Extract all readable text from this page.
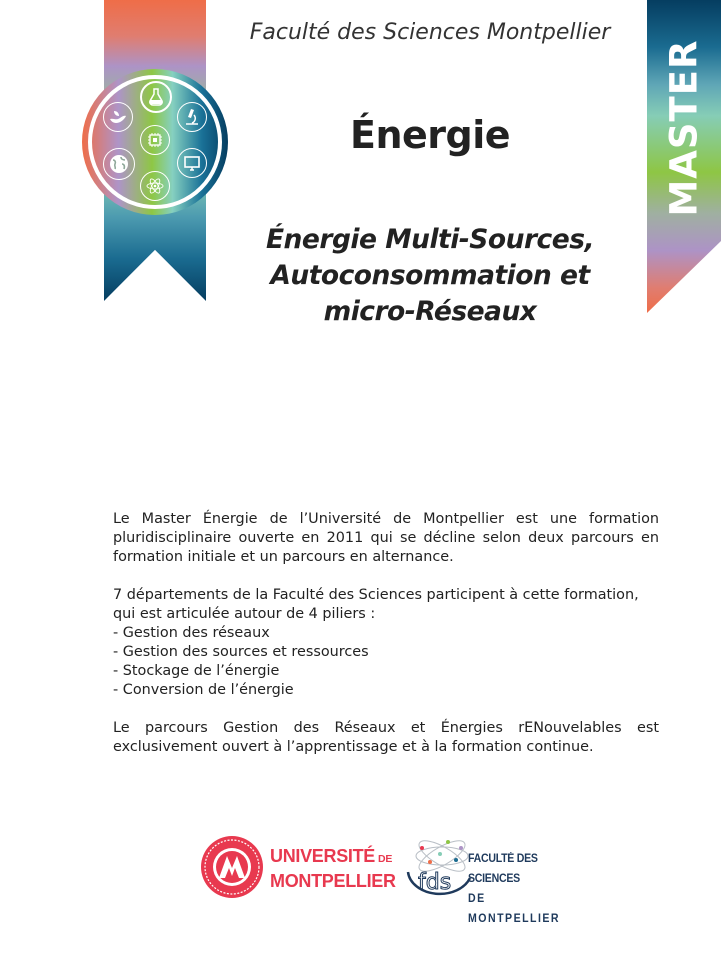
MASTER
Faculté des Sciences Montpellier
Énergie
Énergie Multi-Sources,
Autoconsommation et
micro-Réseaux

Le Master Énergie de l’Université de Montpellier est une formation pluridisciplinaire ouverte en 2011 qui se décline selon deux parcours en formation initiale et un parcours en alternance.

7 départements de la Faculté des Sciences participent à cette formation, qui est articulée autour de 4 piliers :

- Gestion des réseaux
- Gestion des sources et ressources
- Stockage de l’énergie
- Conversion de l’énergie

Le parcours Gestion des Réseaux et Énergies rENouvelables est exclusivement ouvert à l’apprentissage et à la formation continue.

UNIVERSITÉ DE
MONTPELLIER fds
FACULTÉ DES SCIENCES
DE MONTPELLIER
